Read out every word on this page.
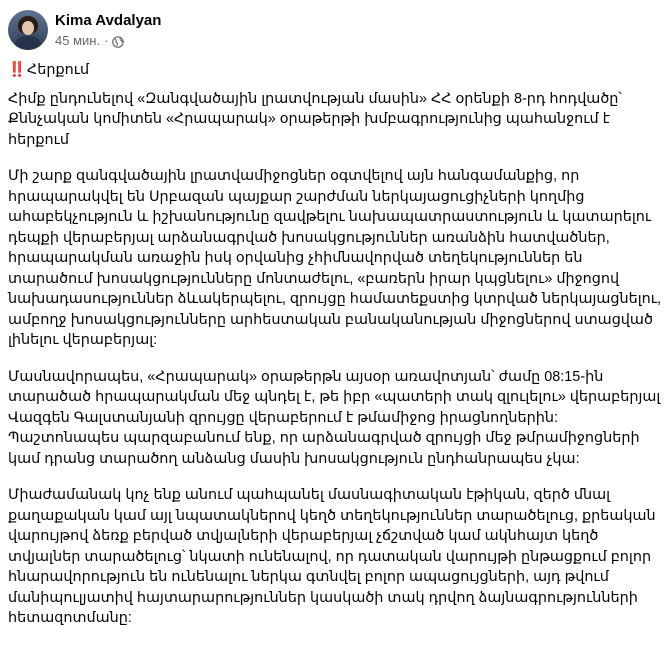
Kima Avdalyan
45 мин. ·

‼️Հերքում

Հիմք ընդունելով «Զանգվածային լրատվության մասին» ՀՀ օրենքի 8-րդ հոդվածը՝ Քննչական կոմիտեն «Հրապարակ» օրաթերթի խմբագրությունից պահանջում է հերքում

Մի շարք զանգվածային լրատվամիջոցներ օգտվելով այն հանգամանքից, որ հրապարակվել են Սրբազան պայքար շարժման ներկայացուցիչների կողմից ահաբեկչություն և իշխանությունը զավթելու նախապատրաստություն և կատարելու դեպքի վերաբերյալ արձանագրված խոսակցություններ առանձին հատվածներ, հրապարակման առաջին իսկ օրվանից չհիմնավորված տեղեկություններ են տարածում խոսակցությունները մոնտաժելու, «բառերն իրար կպցնելու» միջոցով նախադասություններ ձևակերպելու, զրույցը համատեքստից կտրված ներկայացնելու, ամբողջ խոսակցությունները արհեստական բանականության միջոցներով ստացված լինելու վերաբերյալ:

Մասնավորապես, «Հրապարակ» օրաթերթն այսօր առավոտյան՝ ժամը 08:15-ին տարածած հրապարակման մեջ պնդել է, թե իբր «պատերի տակ զլուլելու» վերաբերյալ Վազգեն Գալստանյանի զրույցը վերաբերում է թմամիջոց իրացնողներին: Պաշտոնապես պարզաբանում ենք, որ արձանագրված զրույցի մեջ թմրամիջոցների կամ դրանց տարածող անձանց մասին խոսակցություն ընդհանրապես չկա:

Միաժամանակ կոչ ենք անում պահպանել մասնագիտական էթիկան, զերծ մնալ քաղաքական կամ այլ նպատակներով կեղծ տեղեկություններ տարածելուց, քրեական վարույթով ձեռք բերված տվյալների վերաբերյալ չճշտված կամ ակնհայտ կեղծ տվյալներ տարածելուց՝ նկատի ունենալով, որ դատական վարույթի ընթացքում բոլոր հնարավորություն են ունենալու ներկա գտնվել բոլոր ապացույցների, այդ թվում մանիպուլյատիվ հայտարարություններ կասկածի տակ դրվող ձայնագրությունների հետազոտմանը:
